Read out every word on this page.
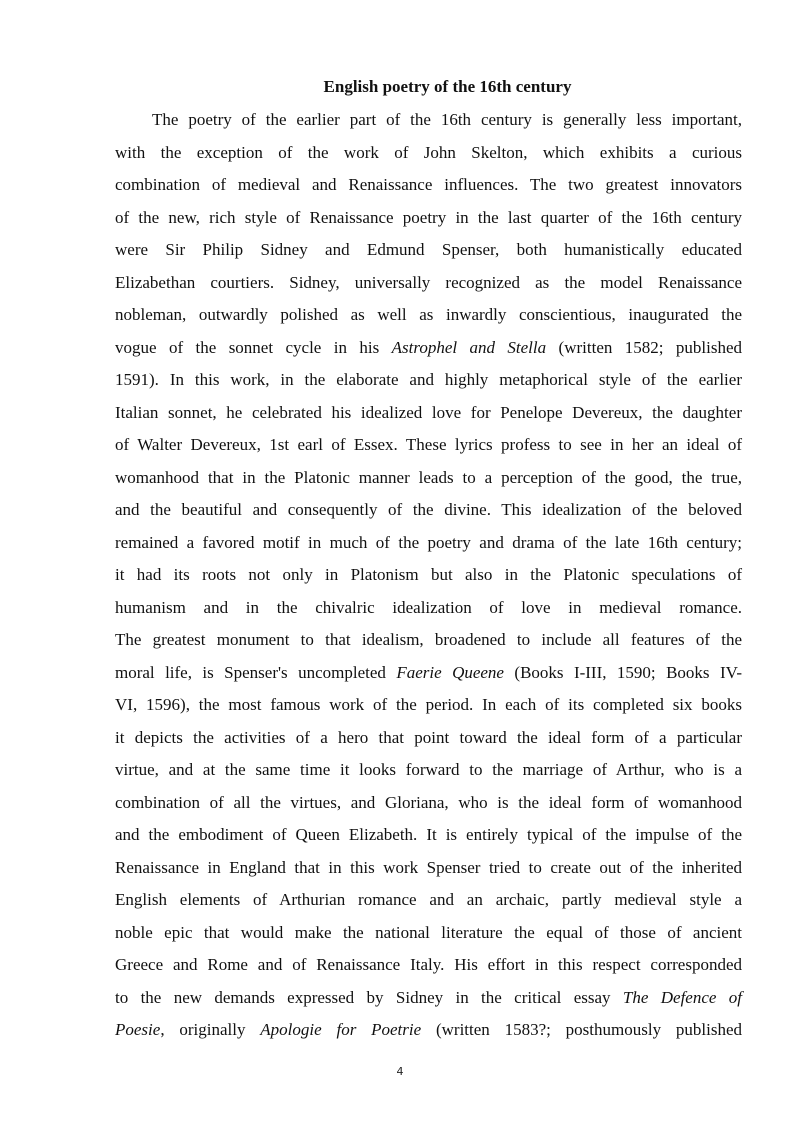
English poetry of the 16th century
The poetry of the earlier part of the 16th century is generally less important,
with the exception of the work of John Skelton, which exhibits a curious
combination of medieval and Renaissance influences. The two greatest innovators
of the new, rich style of Renaissance poetry in the last quarter of the 16th century
were Sir Philip Sidney and Edmund Spenser, both humanistically educated
Elizabethan courtiers. Sidney, universally recognized as the model Renaissance
nobleman, outwardly polished as well as inwardly conscientious, inaugurated the
vogue of the sonnet cycle in his Astrophel and Stella (written 1582; published
1591). In this work, in the elaborate and highly metaphorical style of the earlier
Italian sonnet, he celebrated his idealized love for Penelope Devereux, the daughter
of Walter Devereux, 1st earl of Essex. These lyrics profess to see in her an ideal of
womanhood that in the Platonic manner leads to a perception of the good, the true,
and the beautiful and consequently of the divine. This idealization of the beloved
remained a favored motif in much of the poetry and drama of the late 16th century;
it had its roots not only in Platonism but also in the Platonic speculations of
humanism and in the chivalric idealization of love in medieval romance.
The greatest monument to that idealism, broadened to include all features of the
moral life, is Spenser's uncompleted Faerie Queene (Books I-III, 1590; Books IV-
VI, 1596), the most famous work of the period. In each of its completed six books
it depicts the activities of a hero that point toward the ideal form of a particular
virtue, and at the same time it looks forward to the marriage of Arthur, who is a
combination of all the virtues, and Gloriana, who is the ideal form of womanhood
and the embodiment of Queen Elizabeth. It is entirely typical of the impulse of the
Renaissance in England that in this work Spenser tried to create out of the inherited
English elements of Arthurian romance and an archaic, partly medieval style a
noble epic that would make the national literature the equal of those of ancient
Greece and Rome and of Renaissance Italy. His effort in this respect corresponded
to the new demands expressed by Sidney in the critical essay The Defence of
Poesie, originally Apologie for Poetrie (written 1583?; posthumously published
4
